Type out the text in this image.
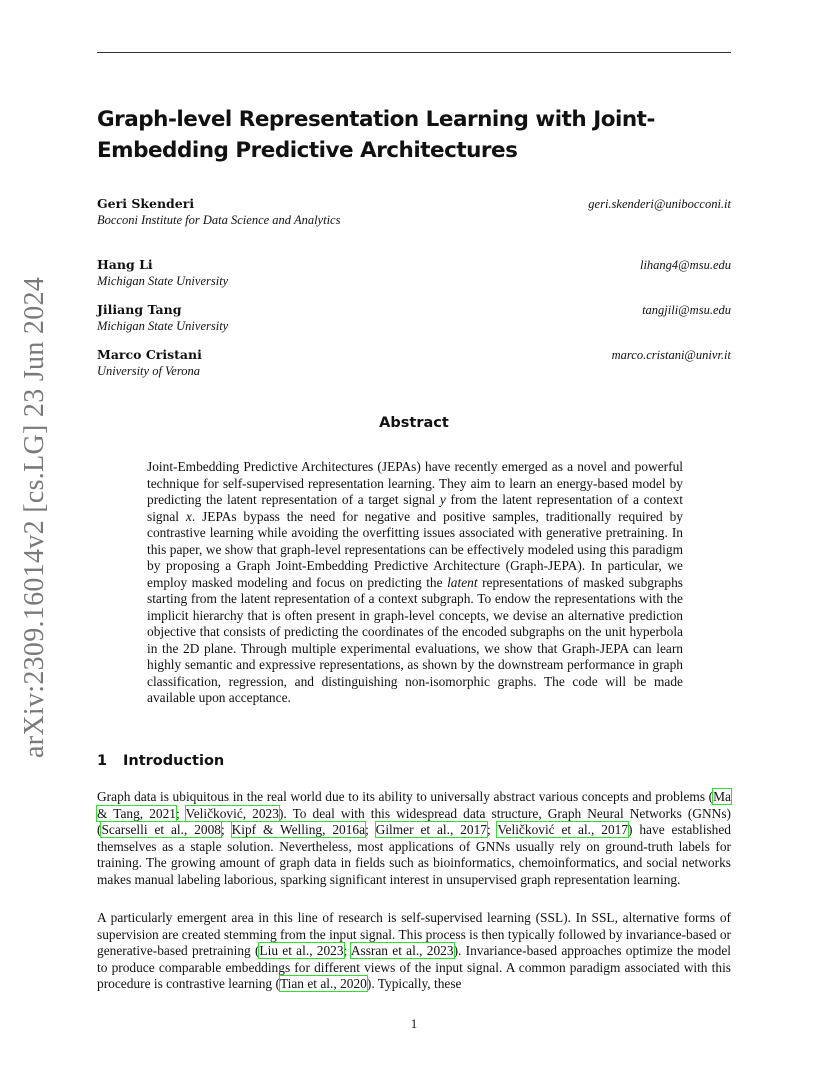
arXiv:2309.16014v2 [cs.LG] 23 Jun 2024
Graph-level Representation Learning with Joint-Embedding Predictive Architectures
Geri Skenderi
Bocconi Institute for Data Science and Analytics
geri.skenderi@unibocconi.it
Hang Li
Michigan State University
lihang4@msu.edu
Jiliang Tang
Michigan State University
tangjili@msu.edu
Marco Cristani
University of Verona
marco.cristani@univr.it
Abstract
Joint-Embedding Predictive Architectures (JEPAs) have recently emerged as a novel and powerful technique for self-supervised representation learning. They aim to learn an energy-based model by predicting the latent representation of a target signal y from the latent representation of a context signal x. JEPAs bypass the need for negative and positive samples, traditionally required by contrastive learning while avoiding the overfitting issues associated with generative pretraining. In this paper, we show that graph-level representations can be effectively modeled using this paradigm by proposing a Graph Joint-Embedding Predictive Architecture (Graph-JEPA). In particular, we employ masked modeling and focus on predicting the latent representations of masked subgraphs starting from the latent representation of a context subgraph. To endow the representations with the implicit hierarchy that is often present in graph-level concepts, we devise an alternative prediction objective that consists of predicting the coordinates of the encoded subgraphs on the unit hyperbola in the 2D plane. Through multiple experimental evaluations, we show that Graph-JEPA can learn highly semantic and expressive representations, as shown by the downstream performance in graph classification, regression, and distinguishing non-isomorphic graphs. The code will be made available upon acceptance.
1 Introduction
Graph data is ubiquitous in the real world due to its ability to universally abstract various concepts and problems (Ma & Tang, 2021; Veličković, 2023). To deal with this widespread data structure, Graph Neural Networks (GNNs) (Scarselli et al., 2008; Kipf & Welling, 2016a; Gilmer et al., 2017; Veličković et al., 2017) have established themselves as a staple solution. Nevertheless, most applications of GNNs usually rely on ground-truth labels for training. The growing amount of graph data in fields such as bioinformatics, chemoinformatics, and social networks makes manual labeling laborious, sparking significant interest in unsupervised graph representation learning.
A particularly emergent area in this line of research is self-supervised learning (SSL). In SSL, alternative forms of supervision are created stemming from the input signal. This process is then typically followed by invariance-based or generative-based pretraining (Liu et al., 2023; Assran et al., 2023). Invariance-based approaches optimize the model to produce comparable embeddings for different views of the input signal. A common paradigm associated with this procedure is contrastive learning (Tian et al., 2020). Typically, these
1
